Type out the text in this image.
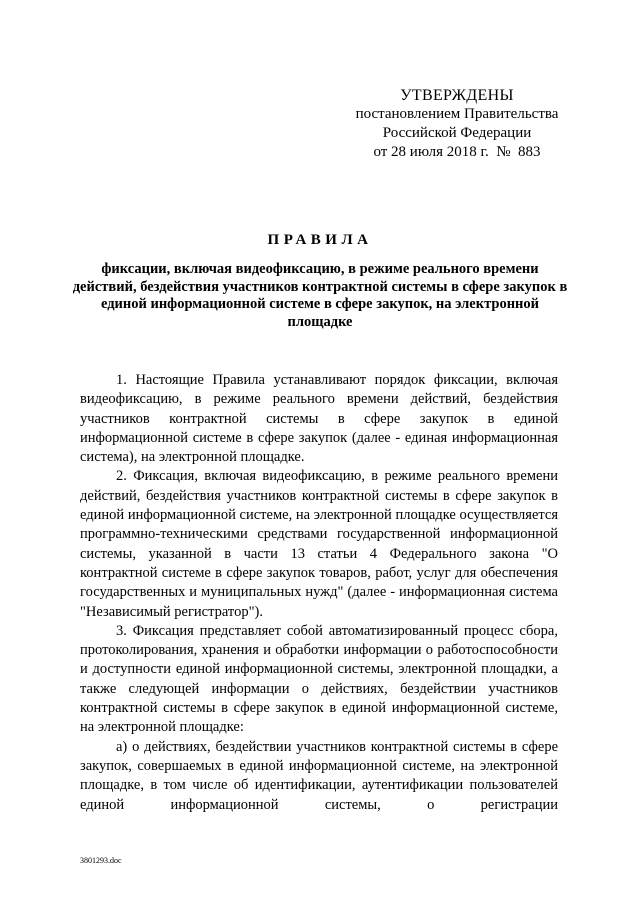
УТВЕРЖДЕНЫ
постановлением Правительства
Российской Федерации
от 28 июля 2018 г.  №  883
ПРАВИЛА
фиксации, включая видеофиксацию, в режиме реального времени действий, бездействия участников контрактной системы в сфере закупок в единой информационной системе в сфере закупок, на электронной площадке

1. Настоящие Правила устанавливают порядок фиксации, включая видеофиксацию, в режиме реального времени действий, бездействия участников контрактной системы в сфере закупок в единой информационной системе в сфере закупок (далее - единая информационная система), на электронной площадке.

2. Фиксация, включая видеофиксацию, в режиме реального времени действий, бездействия участников контрактной системы в сфере закупок в единой информационной системе, на электронной площадке осуществляется программно-техническими средствами государственной информационной системы, указанной в части 13 статьи 4 Федерального закона "О контрактной системе в сфере закупок товаров, работ, услуг для обеспечения государственных и муниципальных нужд" (далее - информационная система "Независимый регистратор").

3. Фиксация представляет собой автоматизированный процесс сбора, протоколирования, хранения и обработки информации о работоспособности и доступности единой информационной системы, электронной площадки, а также следующей информации о действиях, бездействии участников контрактной системы в сфере закупок в единой информационной системе, на электронной площадке:

а) о действиях, бездействии участников контрактной системы в сфере закупок, совершаемых в единой информационной системе, на электронной площадке, в том числе об идентификации, аутентификации пользователей единой информационной системы, о регистрации

3801293.doc
